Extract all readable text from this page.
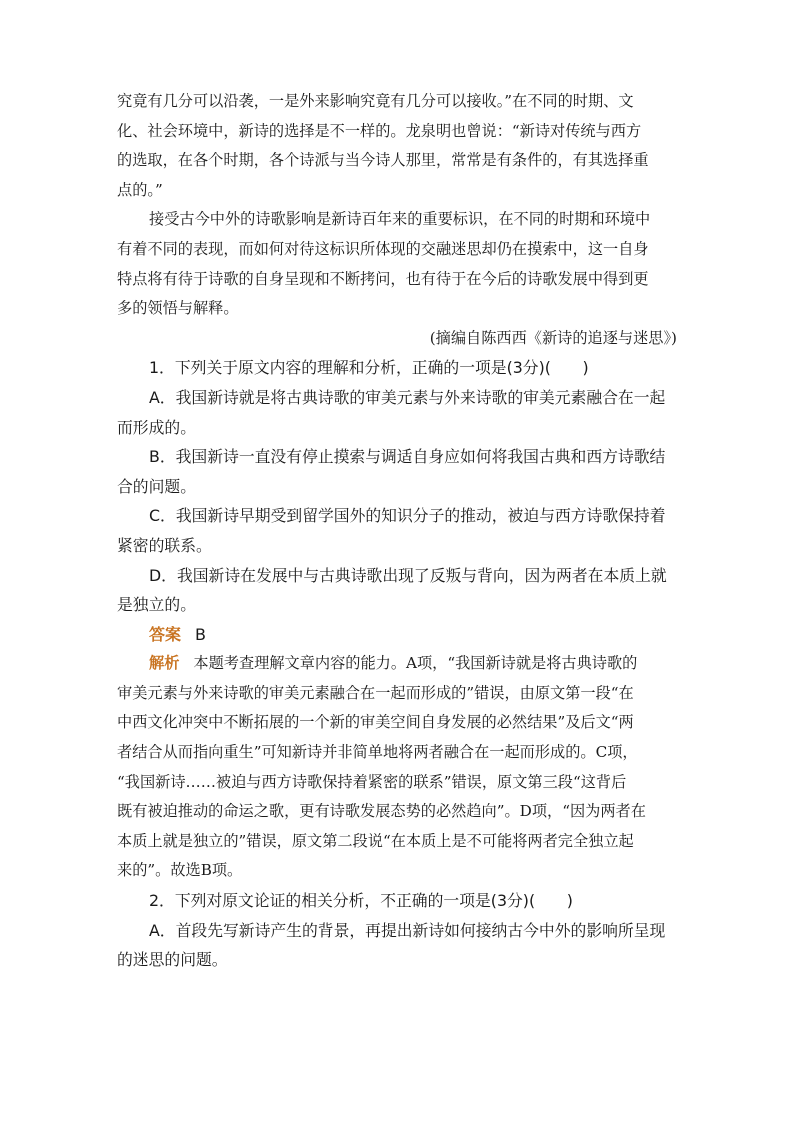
究竟有几分可以沿袭，一是外来影响究竟有几分可以接收。”在不同的时期、文

化、社会环境中，新诗的选择是不一样的。龙泉明也曾说：“新诗对传统与西方

的选取，在各个时期，各个诗派与当今诗人那里，常常是有条件的，有其选择重

点的。”

接受古今中外的诗歌影响是新诗百年来的重要标识，在不同的时期和环境中

有着不同的表现，而如何对待这标识所体现的交融迷思却仍在摸索中，这一自身

特点将有待于诗歌的自身呈现和不断拷问，也有待于在今后的诗歌发展中得到更

多的领悟与解释。

(摘编自陈西西《新诗的追逐与迷思》)

1．下列关于原文内容的理解和分析，正确的一项是(3分)(　　)

A．我国新诗就是将古典诗歌的审美元素与外来诗歌的审美元素融合在一起

而形成的。

B．我国新诗一直没有停止摸索与调适自身应如何将我国古典和西方诗歌结

合的问题。

C．我国新诗早期受到留学国外的知识分子的推动，被迫与西方诗歌保持着

紧密的联系。

D．我国新诗在发展中与古典诗歌出现了反叛与背向，因为两者在本质上就

是独立的。

答案 B

解析 本题考查理解文章内容的能力。A项，“我国新诗就是将古典诗歌的

审美元素与外来诗歌的审美元素融合在一起而形成的”错误，由原文第一段“在

中西文化冲突中不断拓展的一个新的审美空间自身发展的必然结果”及后文“两

者结合从而指向重生”可知新诗并非简单地将两者融合在一起而形成的。C项，

“我国新诗……被迫与西方诗歌保持着紧密的联系”错误，原文第三段“这背后

既有被迫推动的命运之歌，更有诗歌发展态势的必然趋向”。D项，“因为两者在

本质上就是独立的”错误，原文第二段说“在本质上是不可能将两者完全独立起

来的”。故选B项。

2．下列对原文论证的相关分析，不正确的一项是(3分)(　　)

A．首段先写新诗产生的背景，再提出新诗如何接纳古今中外的影响所呈现

的迷思的问题。
